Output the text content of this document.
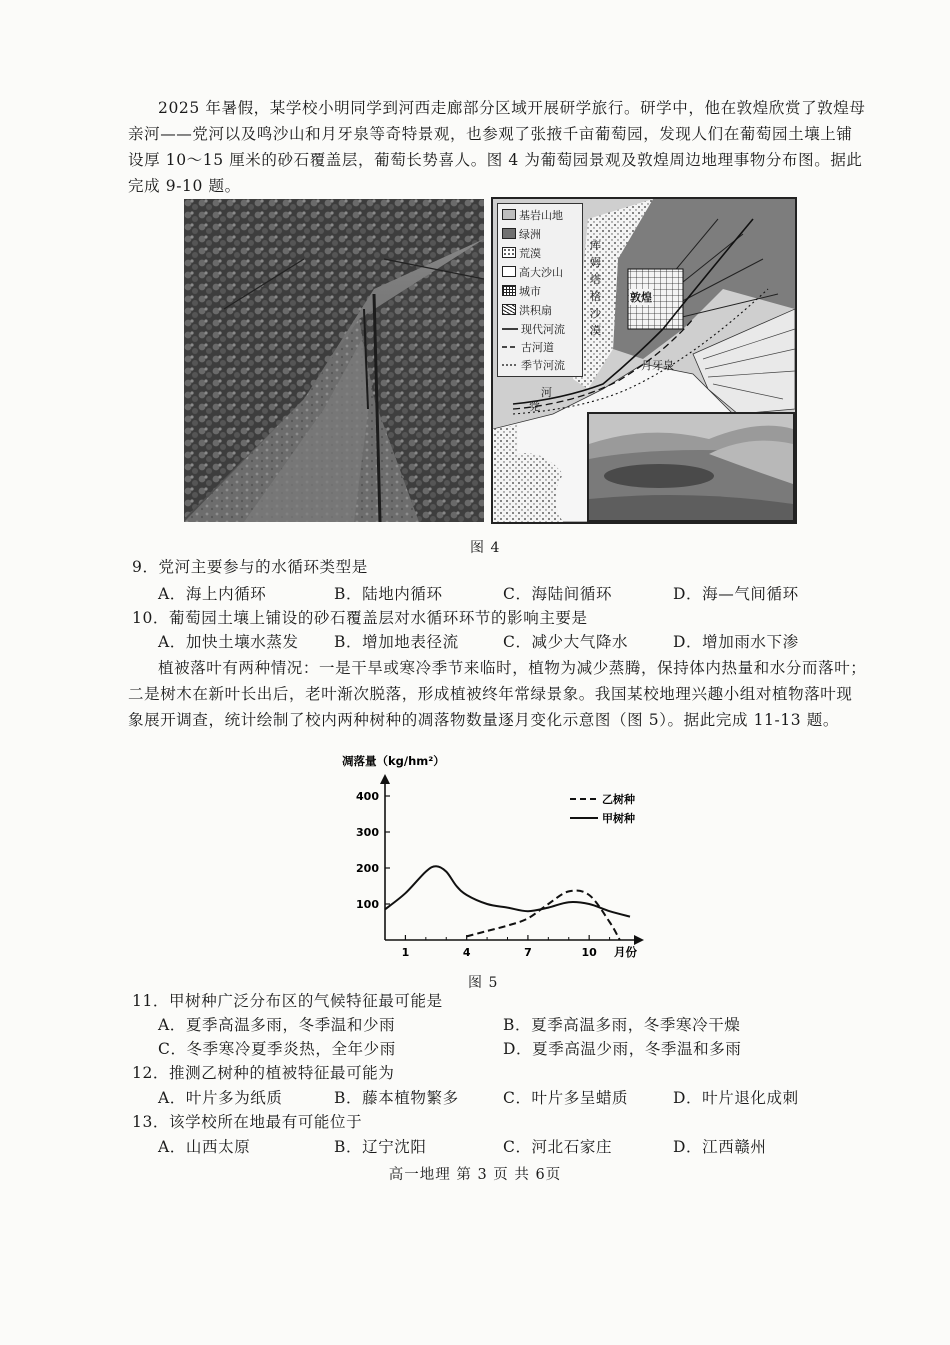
2025 年暑假，某学校小明同学到河西走廊部分区域开展研学旅行。研学中，他在敦煌欣赏了敦煌母亲河——党河以及鸣沙山和月牙泉等奇特景观，也参观了张掖千亩葡萄园，发现人们在葡萄园土壤上铺设厚 10～15 厘米的砂石覆盖层，葡萄长势喜人。图 4 为葡萄园景观及敦煌周边地理事物分布图。据此完成 9-10 题。

基岩山地
绿洲
荒漠
高大沙山
城市
洪积扇
现代河流
古河道
季节河流
敦煌
库姆塔格沙漠
月牙泉
河
党
图 4

9．党河主要参与的水循环类型是

A．海上内循环	B．陆地内循环	C．海陆间循环	D．海—气间循环

10．葡萄园土壤上铺设的砂石覆盖层对水循环环节的影响主要是

A．加快土壤水蒸发 B．增加地表径流	C．减少大气降水	D．增加雨水下渗

植被落叶有两种情况：一是干旱或寒冷季节来临时，植物为减少蒸腾，保持体内热量和水分而落叶；二是树木在新叶长出后，老叶渐次脱落，形成植被终年常绿景象。我国某校地理兴趣小组对植物落叶现象展开调查，统计绘制了校内两种树种的凋落物数量逐月变化示意图（图 5）。据此完成 11-13 题。

凋落量（kg/hm²）
月份
100
200
300
400
1	4	7	10
乙树种
甲树种
图 5

11．甲树种广泛分布区的气候特征最可能是

A．夏季高温多雨，冬季温和少雨	B．夏季高温多雨，冬季寒冷干燥
C．冬季寒冷夏季炎热，全年少雨	D．夏季高温少雨，冬季温和多雨

12．推测乙树种的植被特征最可能为

A．叶片多为纸质	B．藤本植物繁多	C．叶片多呈蜡质	D．叶片退化成刺

13．该学校所在地最有可能位于

A．山西太原	B．辽宁沈阳	C．河北石家庄	D．江西赣州
高一地理 第 3 页 共 6页
